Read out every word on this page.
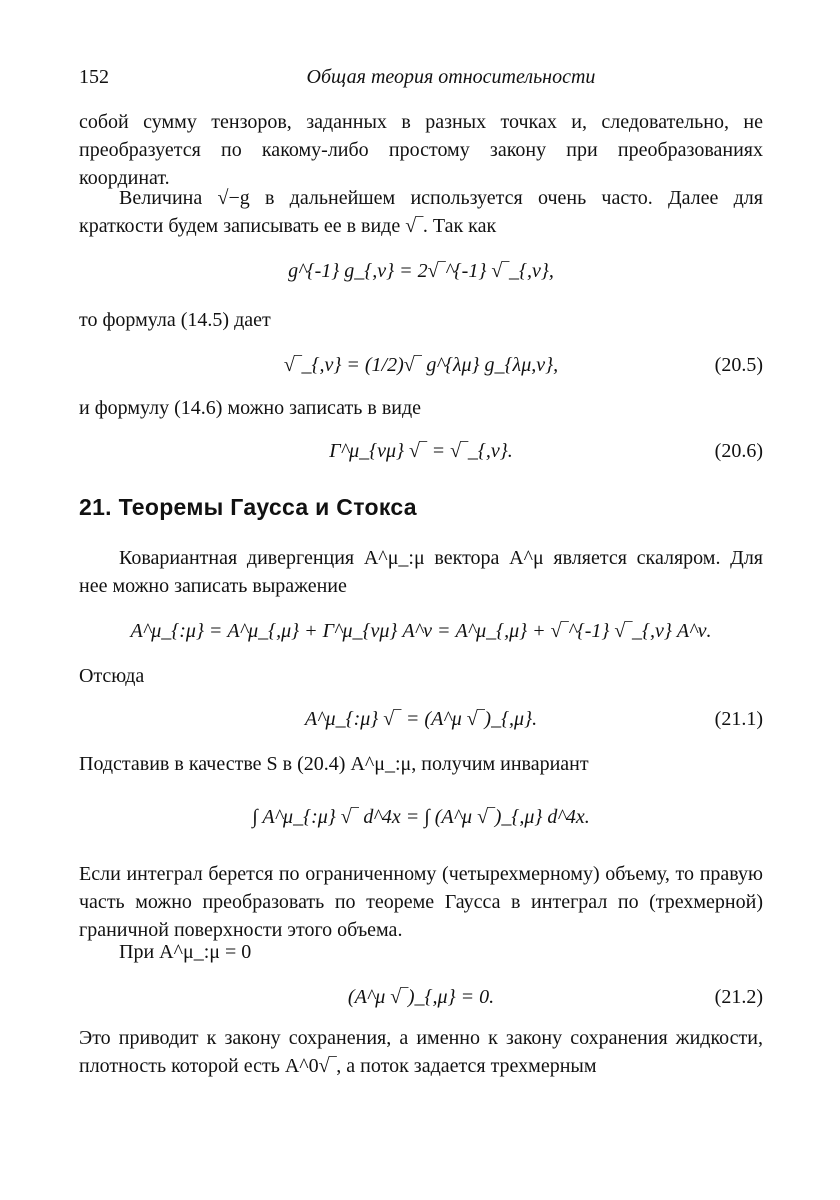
152	Общая теория относительности
собой сумму тензоров, заданных в разных точках и, следовательно, не преобразуется по какому-либо простому закону при преобразованиях координат.
Величина √−g в дальнейшем используется очень часто. Далее для краткости будем записывать ее в виде √‾. Так как
g^{-1} g_{,ν} = 2√‾^{-1} √‾_{,ν},
то формула (14.5) дает
√‾_{,ν} = (1/2)√‾ g^{λμ} g_{λμ,ν},	(20.5)
и формулу (14.6) можно записать в виде
Γ^μ_{νμ} √‾ = √‾_{,ν}.	(20.6)
21. Теоремы Гаусса и Стокса
Ковариантная дивергенция A^μ_:μ вектора A^μ является скаляром. Для нее можно записать выражение
A^μ_{:μ} = A^μ_{,μ} + Γ^μ_{νμ} A^ν = A^μ_{,μ} + √‾^{-1} √‾_{,ν} A^ν.
Отсюда
A^μ_{:μ} √‾ = (A^μ √‾)_{,μ}.	(21.1)
Подставив в качестве S в (20.4) A^μ_:μ, получим инвариант
∫ A^μ_{:μ} √‾ d^4x = ∫ (A^μ √‾)_{,μ} d^4x.
Если интеграл берется по ограниченному (четырехмерному) объему, то правую часть можно преобразовать по теореме Гаусса в интеграл по (трехмерной) граничной поверхности этого объема.
При A^μ_:μ = 0
(A^μ √‾)_{,μ} = 0.	(21.2)
Это приводит к закону сохранения, а именно к закону сохранения жидкости, плотность которой есть A^0√‾, а поток задается трехмерным
